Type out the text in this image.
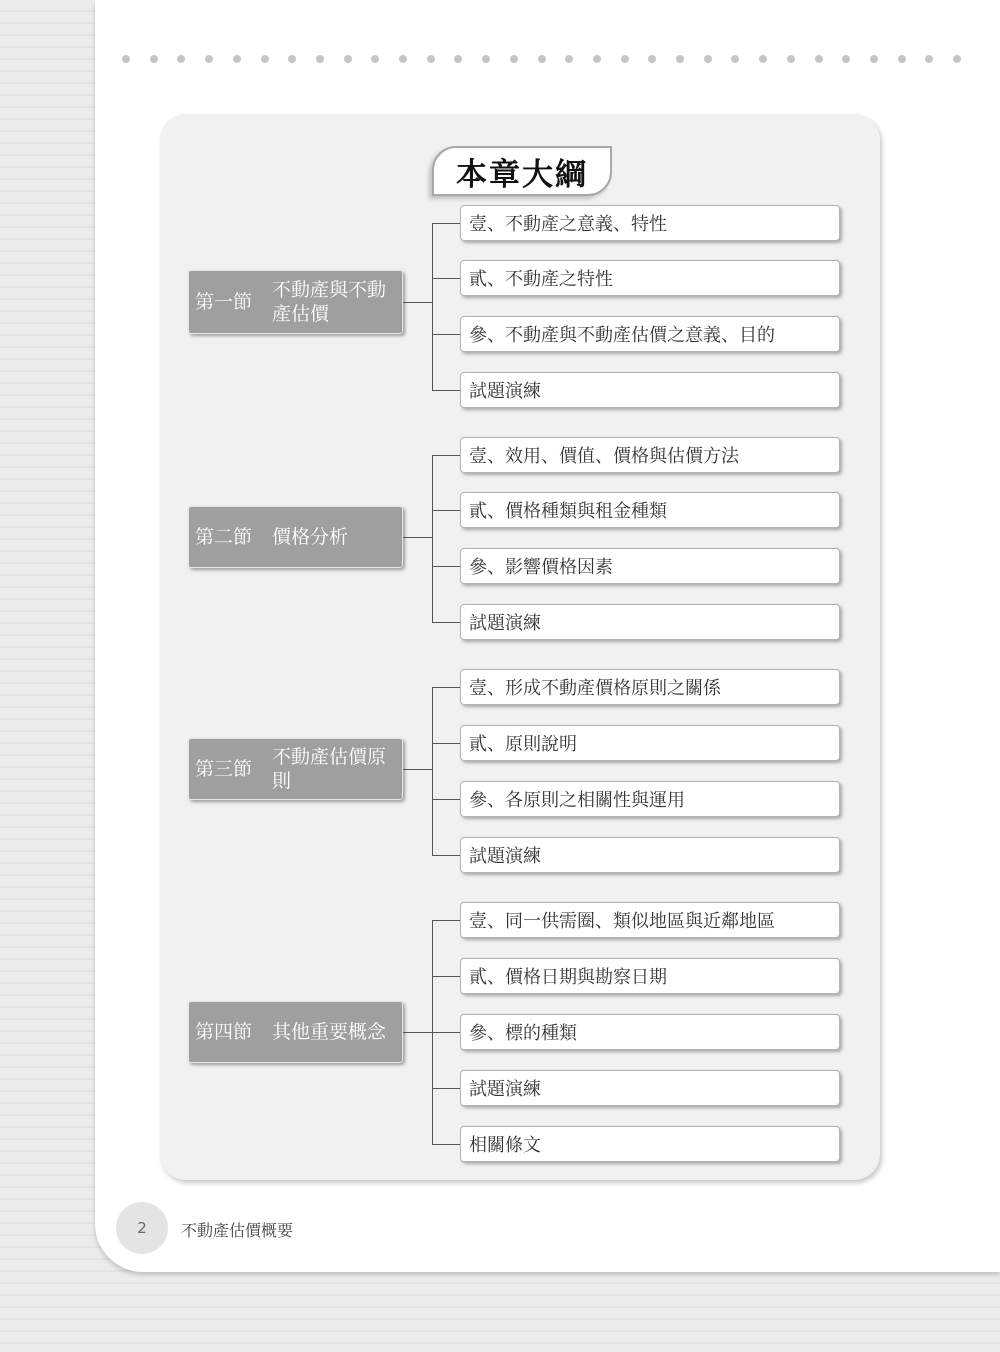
本章大綱
第一節
不動產與不動產估價
壹、不動產之意義、特性
貳、不動產之特性
參、不動產與不動產估價之意義、目的
試題演練
第二節 價格分析
壹、效用、價值、價格與估價方法
貳、價格種類與租金種類
參、影響價格因素
試題演練
第三節
不動產估價原則
壹、形成不動產價格原則之關係
貳、原則說明
參、各原則之相關性與運用
試題演練
第四節 其他重要概念
壹、同一供需圈、類似地區與近鄰地區
貳、價格日期與勘察日期
參、標的種類
試題演練
相關條文
2	不動產估價概要
